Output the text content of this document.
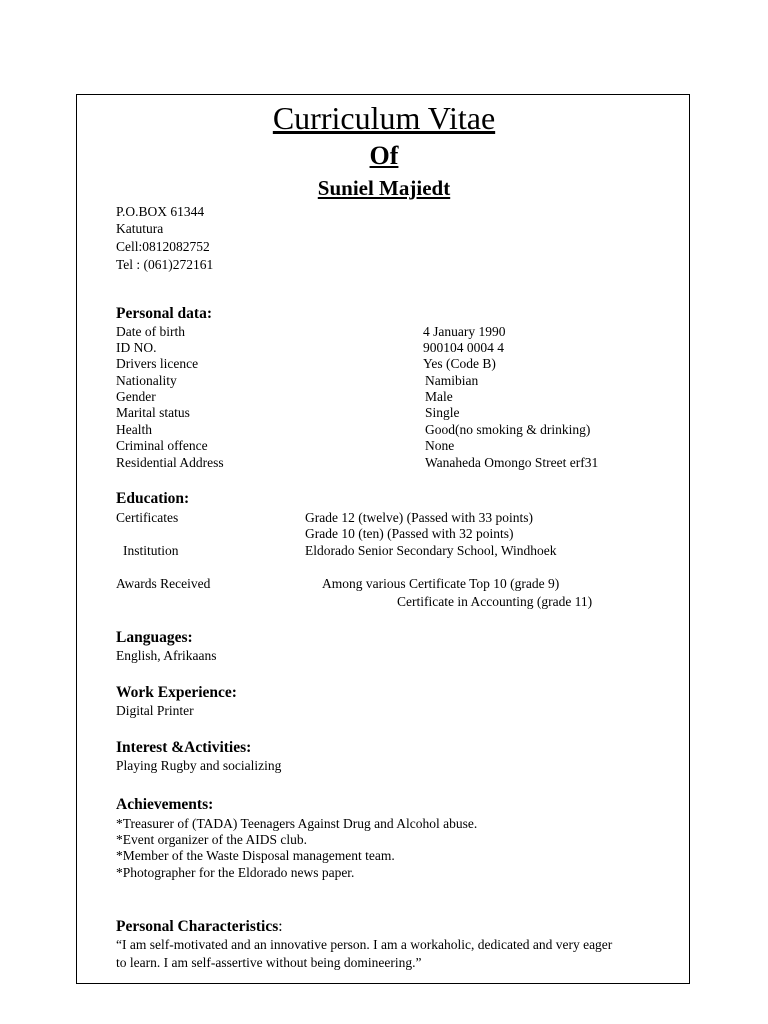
Curriculum Vitae
Of
Suniel Majiedt
P.O.BOX 61344
Katutura
Cell:0812082752
Tel : (061)272161
Personal data:
Date of birth	4 January 1990
ID NO.	900104 0004 4
Drivers licence	Yes (Code B)
Nationality	Namibian
Gender	Male
Marital status	Single
Health	Good(no smoking & drinking)
Criminal offence	None
Residential Address	Wanaheda Omongo Street erf31
Education:
Certificates	Grade 12 (twelve) (Passed with 33 points)
Grade 10 (ten) (Passed with 32 points)
Institution	Eldorado Senior Secondary School, Windhoek
Awards Received	Among various Certificate Top 10 (grade 9)
Certificate in Accounting (grade 11)
Languages:
English, Afrikaans
Work Experience:
Digital Printer
Interest &Activities:
Playing Rugby and socializing
Achievements:
*Treasurer of (TADA) Teenagers Against Drug and Alcohol abuse.
*Event organizer of the AIDS club.
*Member of the Waste Disposal management team.
*Photographer for the Eldorado news paper.
Personal Characteristics:
“I am self-motivated and an innovative person. I am a workaholic, dedicated and very eager
to learn. I am self-assertive without being domineering.”
